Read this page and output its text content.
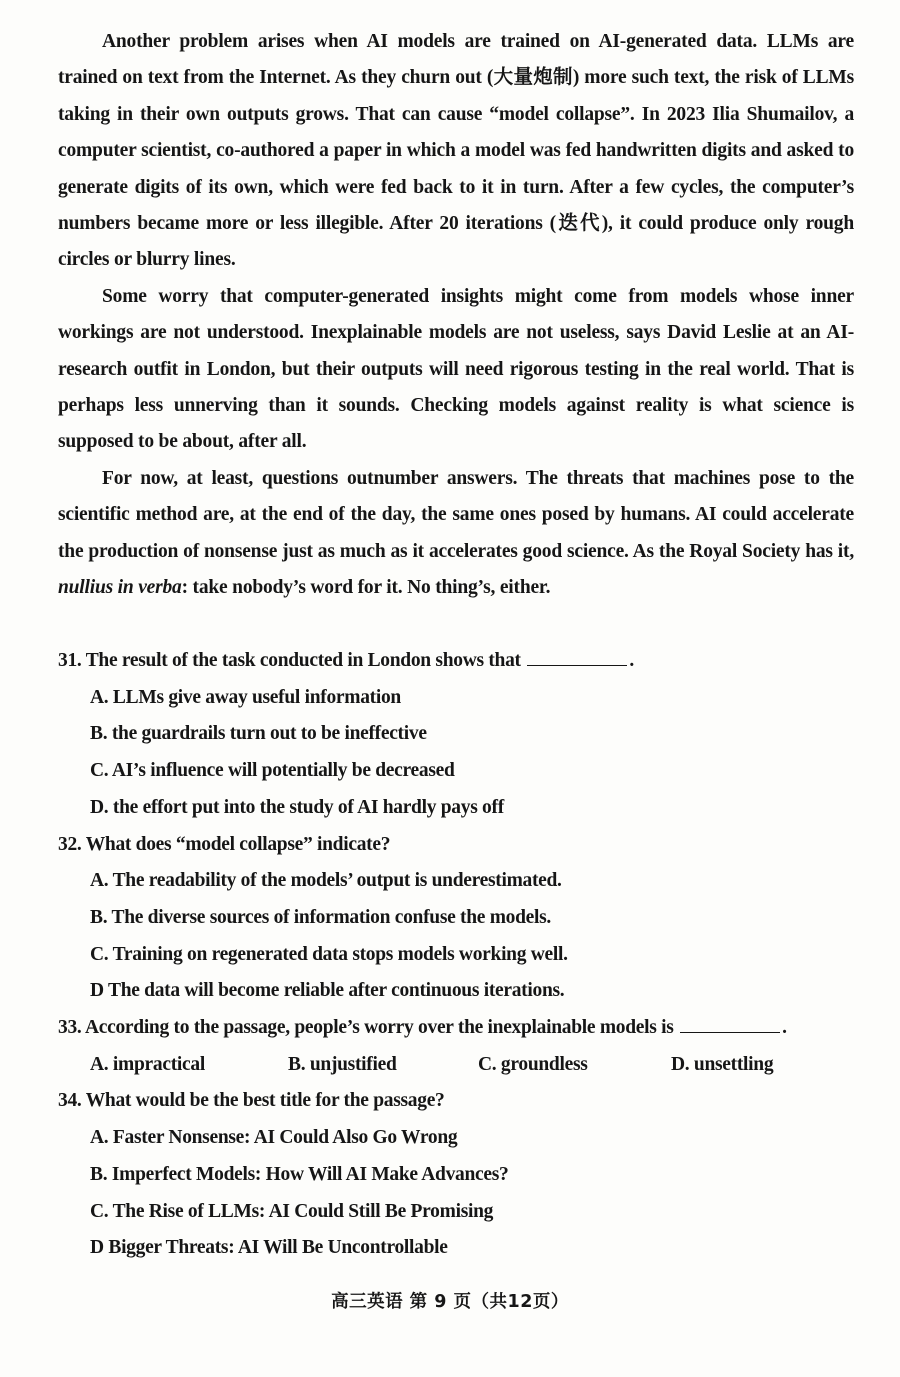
Another problem arises when AI models are trained on AI-generated data. LLMs are trained on text from the Internet. As they churn out (大量炮制) more such text, the risk of LLMs taking in their own outputs grows. That can cause “model collapse”. In 2023 Ilia Shumailov, a computer scientist, co-authored a paper in which a model was fed handwritten digits and asked to generate digits of its own, which were fed back to it in turn. After a few cycles, the computer’s numbers became more or less illegible. After 20 iterations (迭代), it could produce only rough circles or blurry lines.

Some worry that computer-generated insights might come from models whose inner workings are not understood. Inexplainable models are not useless, says David Leslie at an AI-research outfit in London, but their outputs will need rigorous testing in the real world. That is perhaps less unnerving than it sounds. Checking models against reality is what science is supposed to be about, after all.

For now, at least, questions outnumber answers. The threats that machines pose to the scientific method are, at the end of the day, the same ones posed by humans. AI could accelerate the production of nonsense just as much as it accelerates good science. As the Royal Society has it, nullius in verba: take nobody’s word for it. No thing’s, either.

31. The result of the task conducted in London shows that	.
A. LLMs give away useful information
B. the guardrails turn out to be ineffective
C. AI’s influence will potentially be decreased
D. the effort put into the study of AI hardly pays off
32. What does “model collapse” indicate?
A. The readability of the models’ output is underestimated.
B. The diverse sources of information confuse the models.
C. Training on regenerated data stops models working well.
D The data will become reliable after continuous iterations.
33. According to the passage, people’s worry over the inexplainable models is	.
A. impractical	B. unjustified	C. groundless	D. unsettling
34. What would be the best title for the passage?
A. Faster Nonsense: AI Could Also Go Wrong
B. Imperfect Models: How Will AI Make Advances?
C. The Rise of LLMs: AI Could Still Be Promising
D Bigger Threats: AI Will Be Uncontrollable
高三英语 第 9 页（共12页）
